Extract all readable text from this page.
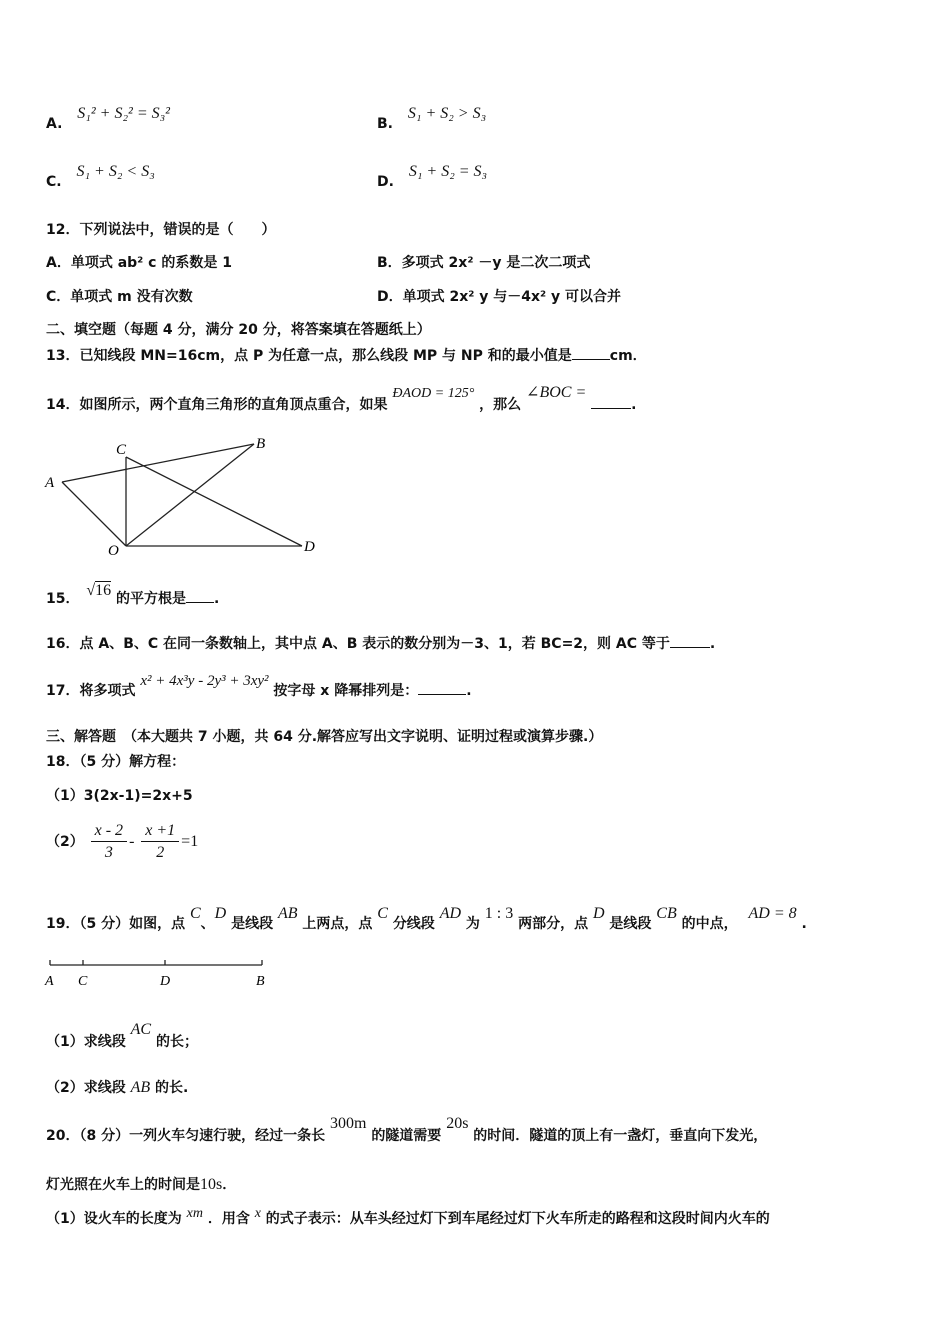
A. S₁² + S₂² = S₃²
B. S₁ + S₂ > S₃
C. S₁ + S₂ < S₃
D. S₁ + S₂ = S₃
12．下列说法中，错误的是（　　）
A．单项式 ab² c 的系数是 1	B．多项式 2x² －y 是二次二项式
C．单项式 m 没有次数	D．单项式 2x² y 与－4x² y 可以合并
二、填空题（每题 4 分，满分 20 分，将答案填在答题纸上）
13．已知线段 MN=16cm，点 P 为任意一点，那么线段 MP 与 NP 和的最小值是	cm．
14．如图所示，两个直角三角形的直角顶点重合，如果 ÐAOD = 125° ，那么 ∠BOC = .
A
B
C
O	D
15． √16 的平方根是 .
16．点 A、B、C 在同一条数轴上，其中点 A、B 表示的数分别为－3、1，若 BC=2，则 AC 等于	.
17．将多项式 x² + 4x³y - 2y³ + 3xy² 按字母 x 降幂排列是：	.
三、解答题　（本大题共 7 小题，共 64 分.解答应写出文字说明、证明过程或演算步骤.）
18．（5 分）解方程：
（1）3(2x-1)=2x+5
$(2) \frac{x - 2}{3} - \frac{x +1}{2} =1$
19．（5 分）如图，点 C、D 是线段 AB 上两点，点 C 分线段 AD 为 1 : 3 两部分，点 D 是线段 CB 的中点， AD = 8 .
A C	D	B
（1）求线段 AC 的长；
（2）求线段 AB 的长.
20．（8 分）一列火车匀速行驶，经过一条长 300m 的隧道需要 20s 的时间．隧道的顶上有一盏灯，垂直向下发光，
灯光照在火车上的时间是10s．
（1）设火车的长度为 xm ．用含 x 的式子表示：从车头经过灯下到车尾经过灯下火车所走的路程和这段时间内火车的
